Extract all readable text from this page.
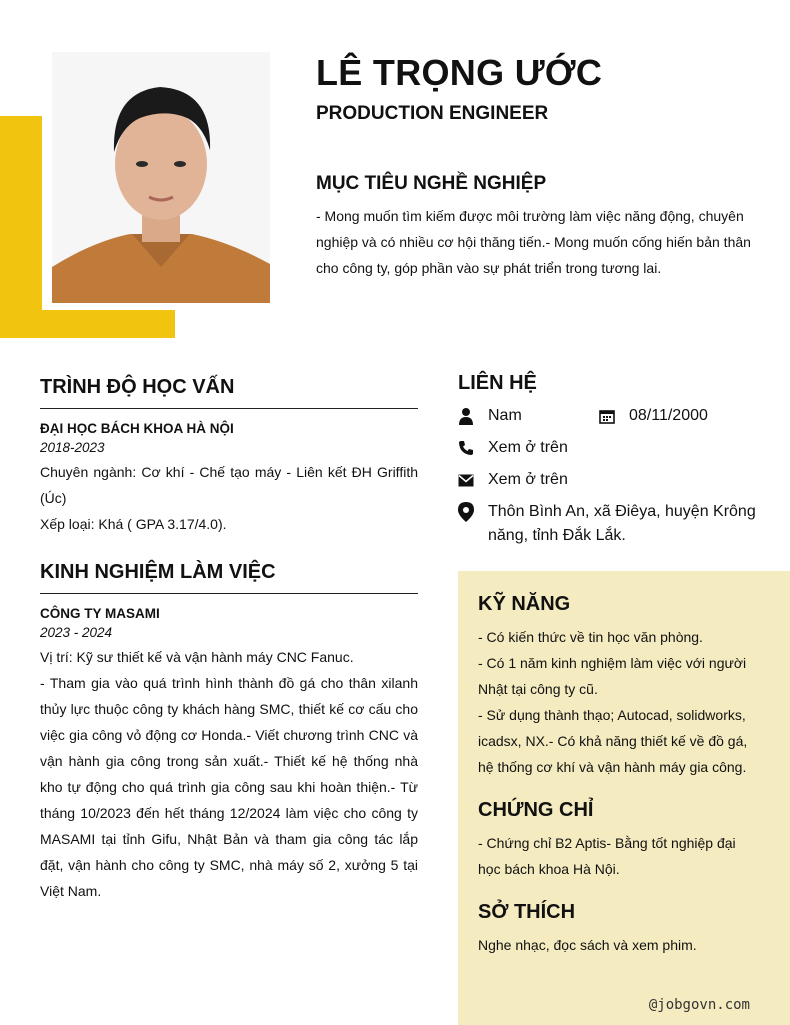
LÊ TRỌNG ƯỚC
PRODUCTION ENGINEER
MỤC TIÊU NGHỀ NGHIỆP

- Mong muốn tìm kiếm được môi trường làm việc năng động, chuyên nghiệp và có nhiều cơ hội thăng tiến.- Mong muốn cống hiến bản thân cho công ty, góp phần vào sự phát triển trong tương lai.

TRÌNH ĐỘ HỌC VẤN

ĐẠI HỌC BÁCH KHOA HÀ NỘI

2018-2023

Chuyên ngành: Cơ khí - Chế tạo máy - Liên kết ĐH Griffith (Úc)

Xếp loại: Khá ( GPA 3.17/4.0).

KINH NGHIỆM LÀM VIỆC

CÔNG TY MASAMI

2023 - 2024

Vị trí: Kỹ sư thiết kế và vận hành máy CNC Fanuc.

- Tham gia vào quá trình hình thành đồ gá cho thân xilanh thủy lực thuộc công ty khách hàng SMC, thiết kế cơ cấu cho việc gia công vỏ động cơ Honda.- Viết chương trình CNC và vận hành gia công trong sản xuất.- Thiết kế hệ thống nhà kho tự động cho quá trình gia công sau khi hoàn thiện.- Từ tháng 10/2023 đến hết tháng 12/2024 làm việc cho công ty MASAMI tại tỉnh Gifu, Nhật Bản và tham gia công tác lắp đặt, vận hành cho công ty SMC, nhà máy số 2, xưởng 5 tại Việt Nam.

LIÊN HỆ
Nam	08/11/2000
Xem ở trên
Xem ở trên
Thôn Bình An, xã Điêya, huyện Krông năng, tỉnh Đắk Lắk.
KỸ NĂNG

- Có kiến thức về tin học văn phòng.
- Có 1 năm kinh nghiệm làm việc với người Nhật tại công ty cũ.
- Sử dụng thành thạo; Autocad, solidworks, icadsx, NX.- Có khả năng thiết kế về đồ gá, hệ thống cơ khí và vận hành máy gia công.

CHỨNG CHỈ

- Chứng chỉ B2 Aptis- Bằng tốt nghiệp đại học bách khoa Hà Nội.

SỞ THÍCH

Nghe nhạc, đọc sách và xem phim.

@jobgovn.com
